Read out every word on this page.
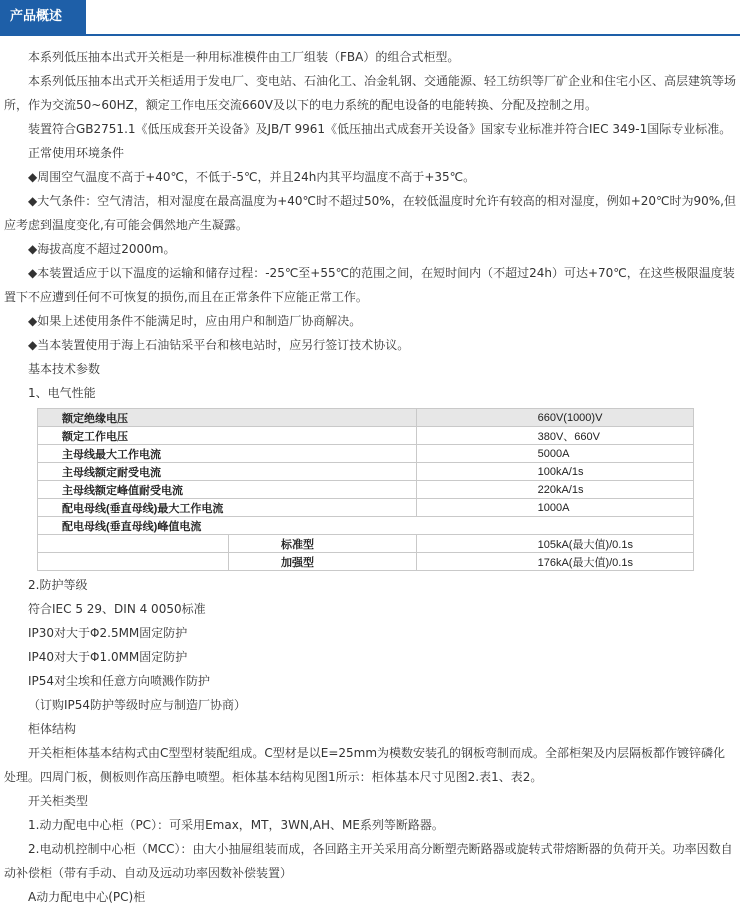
产品概述

本系列低压抽本出式开关柜是一种用标准模件由工厂组装（FBA）的组合式柜型。

本系列低压抽本出式开关柜适用于发电厂、变电站、石油化工、冶金轧钢、交通能源、轻工纺织等厂矿企业和住宅小区、高层建筑等场所，作为交流50~60HZ，额定工作电压交流660V及以下的电力系统的配电设备的电能转换、分配及控制之用。

装置符合GB2751.1《低压成套开关设备》及JB/T 9961《低压抽出式成套开关设备》国家专业标准并符合IEC 349-1国际专业标准。

正常使用环境条件

◆周围空气温度不高于+40℃，不低于-5℃，并且24h内其平均温度不高于+35℃。

◆大气条件：空气清洁，相对湿度在最高温度为+40℃时不超过50%，在较低温度时允许有较高的相对湿度，例如+20℃时为90%,但应考虑到温度变化,有可能会偶然地产生凝露。

◆海拔高度不超过2000m。

◆本装置适应于以下温度的运输和储存过程：-25℃至+55℃的范围之间，在短时间内（不超过24h）可达+70℃，在这些极限温度装置下不应遭到任何不可恢复的损伤,而且在正常条件下应能正常工作。

◆如果上述使用条件不能满足时，应由用户和制造厂协商解决。

◆当本装置使用于海上石油钻采平台和核电站时，应另行签订技术协议。

基本技术参数

1、电气性能

额定绝缘电压		660V(1000)V
额定工作电压		380V、660V
主母线最大工作电流		5000A
主母线额定耐受电流		100kA/1s
主母线额定峰值耐受电流		220kA/1s
配电母线(垂直母线)最大工作电流		1000A
配电母线(垂直母线)峰值电流		
	标准型	105kA(最大值)/0.1s
	加强型	176kA(最大值)/0.1s

2.防护等级

符合IEC 5 29、DIN 4 0050标准

IP30对大于Φ2.5MM固定防护

IP40对大于Φ1.0MM固定防护

IP54对尘埃和任意方向喷溅作防护

（订购IP54防护等级时应与制造厂协商）

柜体结构

开关柜柜体基本结构式由C型型材装配组成。C型材是以E=25mm为模数安装孔的钢板弯制而成。全部柜架及内层隔板都作镀锌磷化处理。四周门板，侧板则作高压静电喷塑。柜体基本结构见图1所示：柜体基本尺寸见图2.表1、表2。

开关柜类型

1.动力配电中心柜（PC）：可采用Emax，MT，3WN,AH、ME系列等断路器。

2.电动机控制中心柜（MCC）：由大小抽屉组装而成，各回路主开关采用高分断塑壳断路器或旋转式带熔断器的负荷开关。功率因数自动补偿柜（带有手动、自动及远动功率因数补偿装置）

A动力配电中心(PC)柜
